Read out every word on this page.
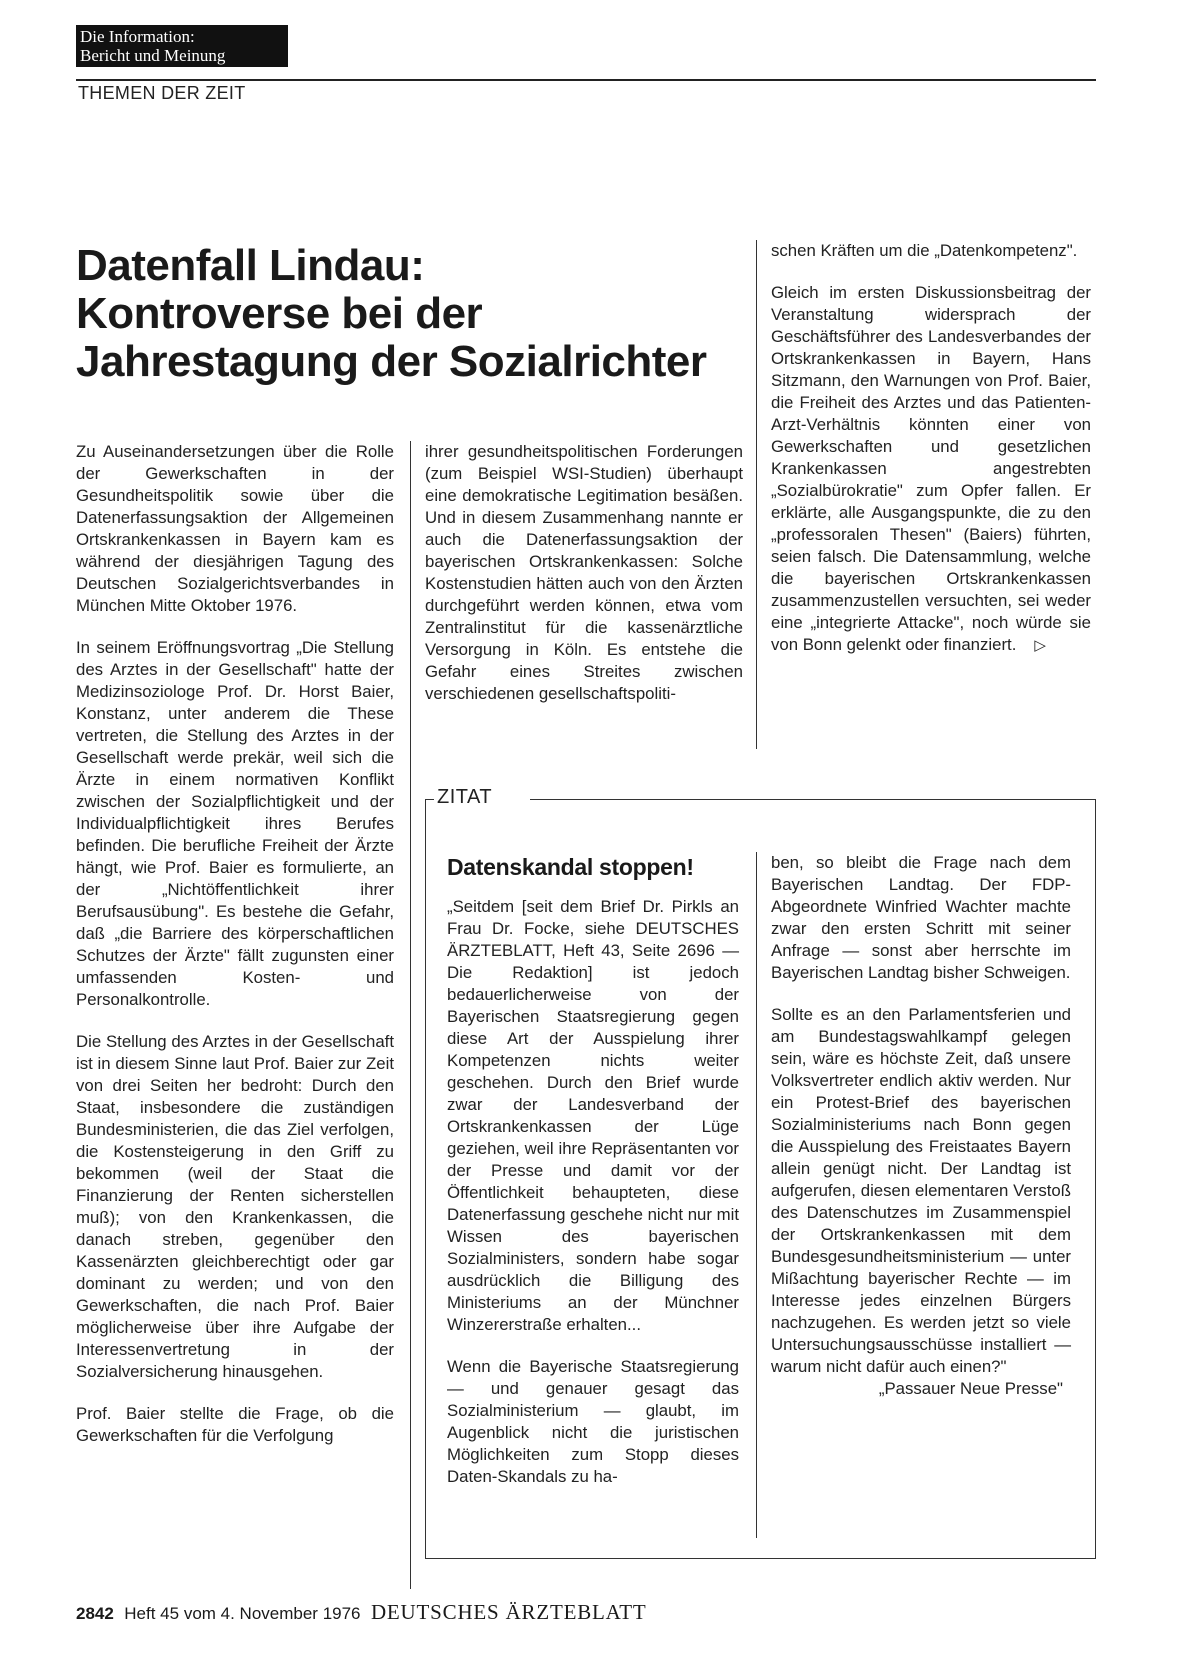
Die Information:
Bericht und Meinung
THEMEN DER ZEIT
Datenfall Lindau:
Kontroverse bei der
Jahrestagung der Sozialrichter

Zu Auseinandersetzungen über die Rolle der Gewerkschaften in der Gesundheitspolitik sowie über die Datenerfassungsaktion der Allgemeinen Ortskrankenkassen in Bayern kam es während der diesjährigen Tagung des Deutschen Sozialgerichtsverbandes in München Mitte Oktober 1976.

In seinem Eröffnungsvortrag „Die Stellung des Arztes in der Gesellschaft" hatte der Medizinsoziologe Prof. Dr. Horst Baier, Konstanz, unter anderem die These vertreten, die Stellung des Arztes in der Gesellschaft werde prekär, weil sich die Ärzte in einem normativen Konflikt zwischen der Sozialpflichtigkeit und der Individualpflichtigkeit ihres Berufes befinden. Die berufliche Freiheit der Ärzte hängt, wie Prof. Baier es formulierte, an der „Nichtöffentlichkeit ihrer Berufsausübung". Es bestehe die Gefahr, daß „die Barriere des körperschaftlichen Schutzes der Ärzte" fällt zugunsten einer umfassenden Kosten- und Personalkontrolle.

Die Stellung des Arztes in der Gesellschaft ist in diesem Sinne laut Prof. Baier zur Zeit von drei Seiten her bedroht: Durch den Staat, insbesondere die zuständigen Bundesministerien, die das Ziel verfolgen, die Kostensteigerung in den Griff zu bekommen (weil der Staat die Finanzierung der Renten sicherstellen muß); von den Krankenkassen, die danach streben, gegenüber den Kassenärzten gleichberechtigt oder gar dominant zu werden; und von den Gewerkschaften, die nach Prof. Baier möglicherweise über ihre Aufgabe der Interessenvertretung in der Sozialversicherung hinausgehen.

Prof. Baier stellte die Frage, ob die Gewerkschaften für die Verfolgung

ihrer gesundheitspolitischen Forderungen (zum Beispiel WSI-Studien) überhaupt eine demokratische Legitimation besäßen. Und in diesem Zusammenhang nannte er auch die Datenerfassungsaktion der bayerischen Ortskrankenkassen: Solche Kostenstudien hätten auch von den Ärzten durchgeführt werden können, etwa vom Zentralinstitut für die kassenärztliche Versorgung in Köln. Es entstehe die Gefahr eines Streites zwischen verschiedenen gesellschaftspoliti-

schen Kräften um die „Datenkompetenz".

Gleich im ersten Diskussionsbeitrag der Veranstaltung widersprach der Geschäftsführer des Landesverbandes der Ortskrankenkassen in Bayern, Hans Sitzmann, den Warnungen von Prof. Baier, die Freiheit des Arztes und das Patienten-Arzt-Verhältnis könnten einer von Gewerkschaften und gesetzlichen Krankenkassen angestrebten „Sozialbürokratie" zum Opfer fallen. Er erklärte, alle Ausgangspunkte, die zu den „professoralen Thesen" (Baiers) führten, seien falsch. Die Datensammlung, welche die bayerischen Ortskrankenkassen zusammenzustellen versuchten, sei weder eine „integrierte Attacke", noch würde sie von Bonn gelenkt oder finanziert. ▷

ZITAT
Datenskandal stoppen!

„Seitdem [seit dem Brief Dr. Pirkls an Frau Dr. Focke, siehe DEUTSCHES ÄRZTEBLATT, Heft 43, Seite 2696 — Die Redaktion] ist jedoch bedauerlicherweise von der Bayerischen Staatsregierung gegen diese Art der Ausspielung ihrer Kompetenzen nichts weiter geschehen. Durch den Brief wurde zwar der Landesverband der Ortskrankenkassen der Lüge geziehen, weil ihre Repräsentanten vor der Presse und damit vor der Öffentlichkeit behaupteten, diese Datenerfassung geschehe nicht nur mit Wissen des bayerischen Sozialministers, sondern habe sogar ausdrücklich die Billigung des Ministeriums an der Münchner Winzererstraße erhalten...

Wenn die Bayerische Staatsregierung — und genauer gesagt das Sozialministerium — glaubt, im Augenblick nicht die juristischen Möglichkeiten zum Stopp dieses Daten-Skandals zu ha-

ben, so bleibt die Frage nach dem Bayerischen Landtag. Der FDP-Abgeordnete Winfried Wachter machte zwar den ersten Schritt mit seiner Anfrage — sonst aber herrschte im Bayerischen Landtag bisher Schweigen.

Sollte es an den Parlamentsferien und am Bundestagswahlkampf gelegen sein, wäre es höchste Zeit, daß unsere Volksvertreter endlich aktiv werden. Nur ein Protest-Brief des bayerischen Sozialministeriums nach Bonn gegen die Ausspielung des Freistaates Bayern allein genügt nicht. Der Landtag ist aufgerufen, diesen elementaren Verstoß des Datenschutzes im Zusammenspiel der Ortskrankenkassen mit dem Bundesgesundheitsministerium — unter Mißachtung bayerischer Rechte — im Interesse jedes einzelnen Bürgers nachzugehen. Es werden jetzt so viele Untersuchungsausschüsse installiert — warum nicht dafür auch einen?"

„Passauer Neue Presse"

2842 Heft 45 vom 4. November 1976 DEUTSCHES ÄRZTEBLATT
